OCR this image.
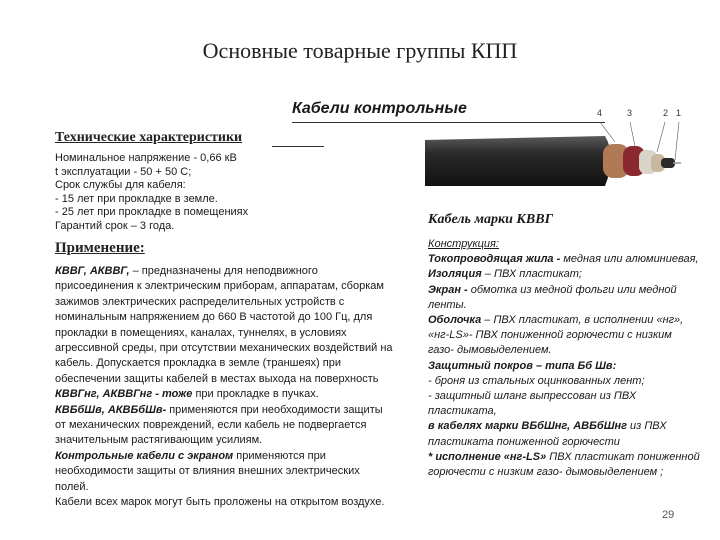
Основные товарные группы КПП
Кабели контрольные
Технические характеристики
Номинальное напряжение - 0,66 кВ
t эксплуатации - 50 + 50 С;
Срок службы для кабеля:
- 15 лет при прокладке в земле.
- 25 лет при прокладке в помещениях
Гарантий срок – 3 года.
Применение:

КВВГ, АКВВГ, – предназначены для неподвижного присоединения к электрическим приборам, аппаратам, сборкам зажимов электрических распределительных устройств с номинальным напряжением до 660 В частотой до 100 Гц, для прокладки в помещениях, каналах, туннелях, в условиях агрессивной среды, при отсутствии механических воздействий на кабель. Допускается прокладка в земле (траншеях) при обеспечении защиты кабелей в местах выхода на поверхность

КВВГнг, АКВВГнг - тоже при прокладке в пучках.

КВБбШв, АКВБбШв- применяются при необходимости защиты от механических повреждений, если кабель не подвергается значительным растягивающим усилиям.

Контрольные кабели с экраном применяются при необходимости защиты от влияния внешних электрических полей.

Кабели всех марок могут быть проложены на открытом воздухе.

4	3	2 1
Кабель марки КВВГ

Конструкция:

Токопроводящая жила - медная или алюминиевая,

Изоляция – ПВХ пластикат;

Экран - обмотка из медной фольги или медной ленты.

Оболочка – ПВХ пластикат, в исполнении «нг», «нг-LS»- ПВХ пониженной горючести с низким газо- дымовыделением.

Защитный покров – типа Бб Шв:

- броня из стальных оцинкованных лент;

- защитный шланг выпрессован из ПВХ пластиката,

в кабелях марки ВБбШнг, АВБбШнг из ПВХ пластиката пониженной горючести

* исполнение «нг-LS» ПВХ пластикат пониженной горючести с низким газо- дымовыделением ;

29
